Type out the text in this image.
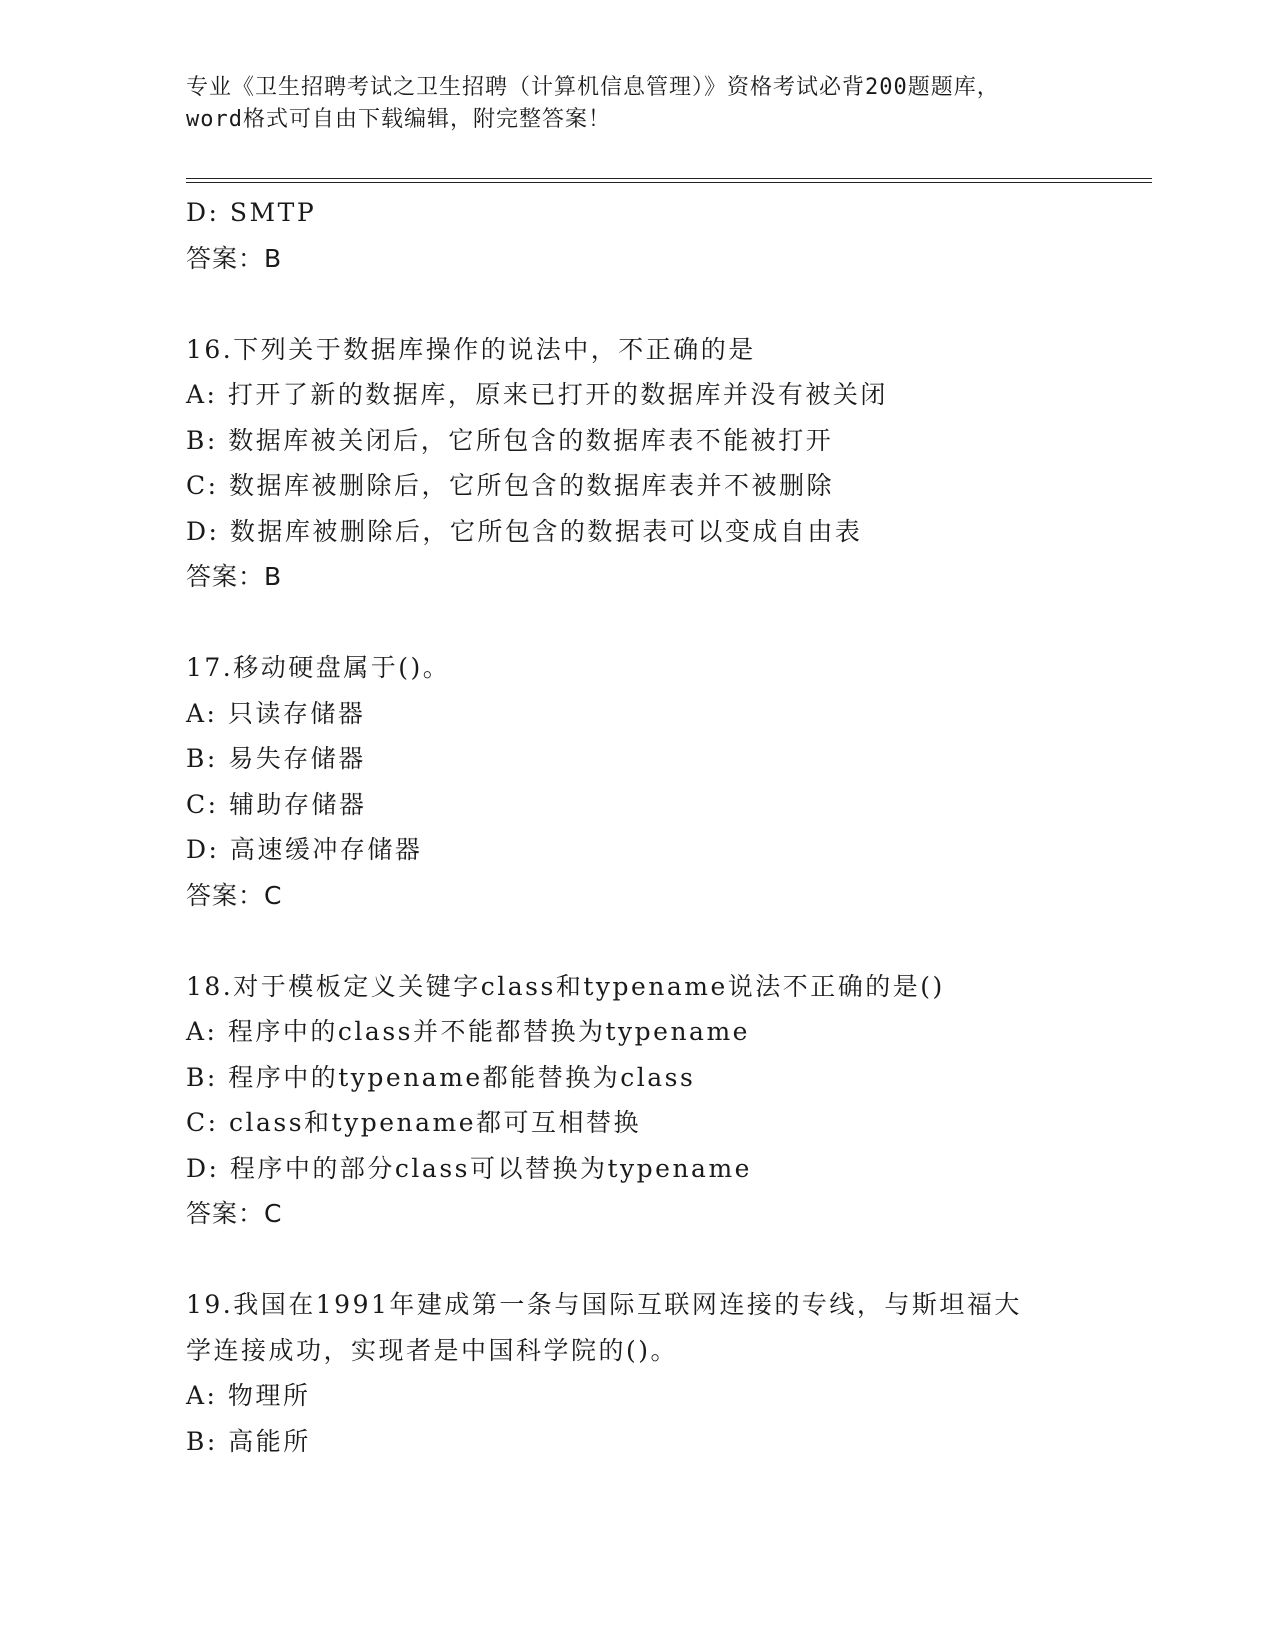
专业《卫生招聘考试之卫生招聘（计算机信息管理）》资格考试必背200题题库，
word格式可自由下载编辑，附完整答案！
D: SMTP
答案：B
16.下列关于数据库操作的说法中，不正确的是
A: 打开了新的数据库，原来已打开的数据库并没有被关闭
B: 数据库被关闭后，它所包含的数据库表不能被打开
C: 数据库被删除后，它所包含的数据库表并不被删除
D: 数据库被删除后，它所包含的数据表可以变成自由表
答案：B
17.移动硬盘属于()。
A: 只读存储器
B: 易失存储器
C: 辅助存储器
D: 高速缓冲存储器
答案：C
18.对于模板定义关键字class和typename说法不正确的是()
A: 程序中的class并不能都替换为typename
B: 程序中的typename都能替换为class
C: class和typename都可互相替换
D: 程序中的部分class可以替换为typename
答案：C
19.我国在1991年建成第一条与国际互联网连接的专线，与斯坦福大
学连接成功，实现者是中国科学院的()。
A: 物理所
B: 高能所
